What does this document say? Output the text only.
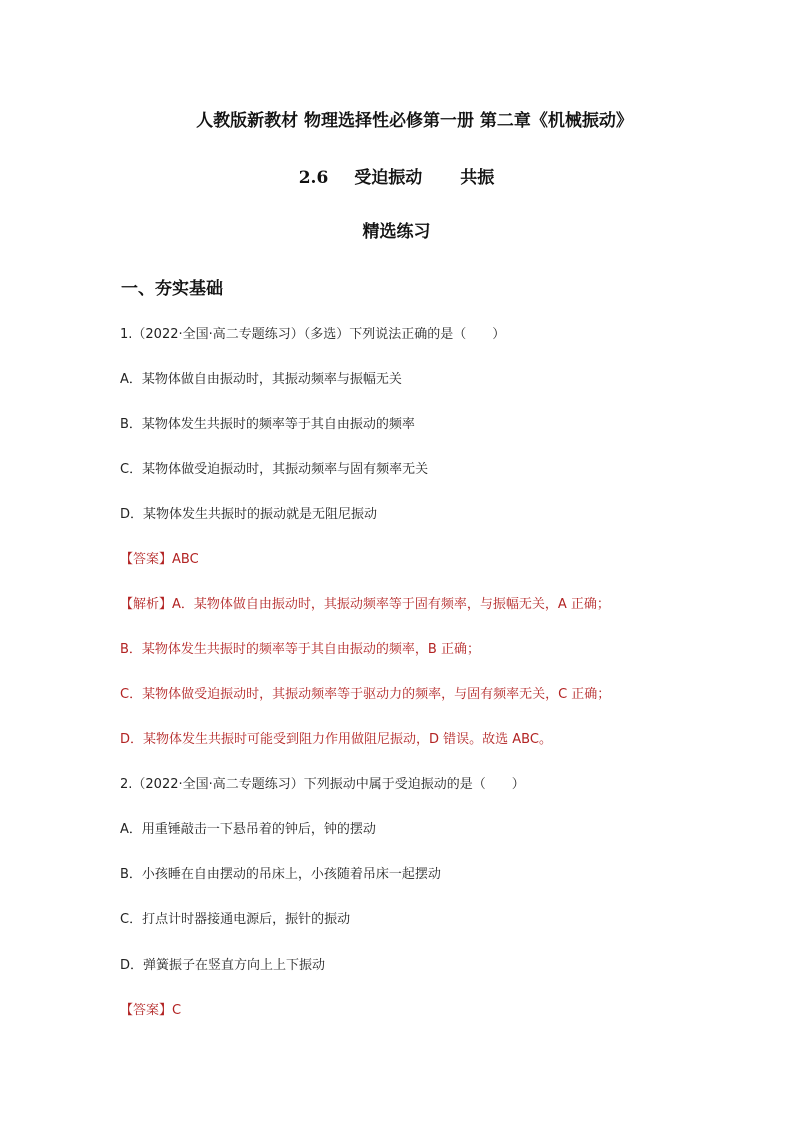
人教版新教材 物理选择性必修第一册 第二章《机械振动》
2.6 受迫振动 共振
精选练习
一、夯实基础
1.（2022·全国·高二专题练习）（多选）下列说法正确的是（　　）
A．某物体做自由振动时，其振动频率与振幅无关
B．某物体发生共振时的频率等于其自由振动的频率
C．某物体做受迫振动时，其振动频率与固有频率无关
D．某物体发生共振时的振动就是无阻尼振动
【答案】ABC
【解析】A．某物体做自由振动时，其振动频率等于固有频率，与振幅无关，A 正确；
B．某物体发生共振时的频率等于其自由振动的频率，B 正确；
C．某物体做受迫振动时，其振动频率等于驱动力的频率，与固有频率无关，C 正确；
D．某物体发生共振时可能受到阻力作用做阻尼振动，D 错误。故选 ABC。
2.（2022·全国·高二专题练习）下列振动中属于受迫振动的是（　　）
A．用重锤敲击一下悬吊着的钟后，钟的摆动
B．小孩睡在自由摆动的吊床上，小孩随着吊床一起摆动
C．打点计时器接通电源后，振针的振动
D．弹簧振子在竖直方向上上下振动
【答案】C
